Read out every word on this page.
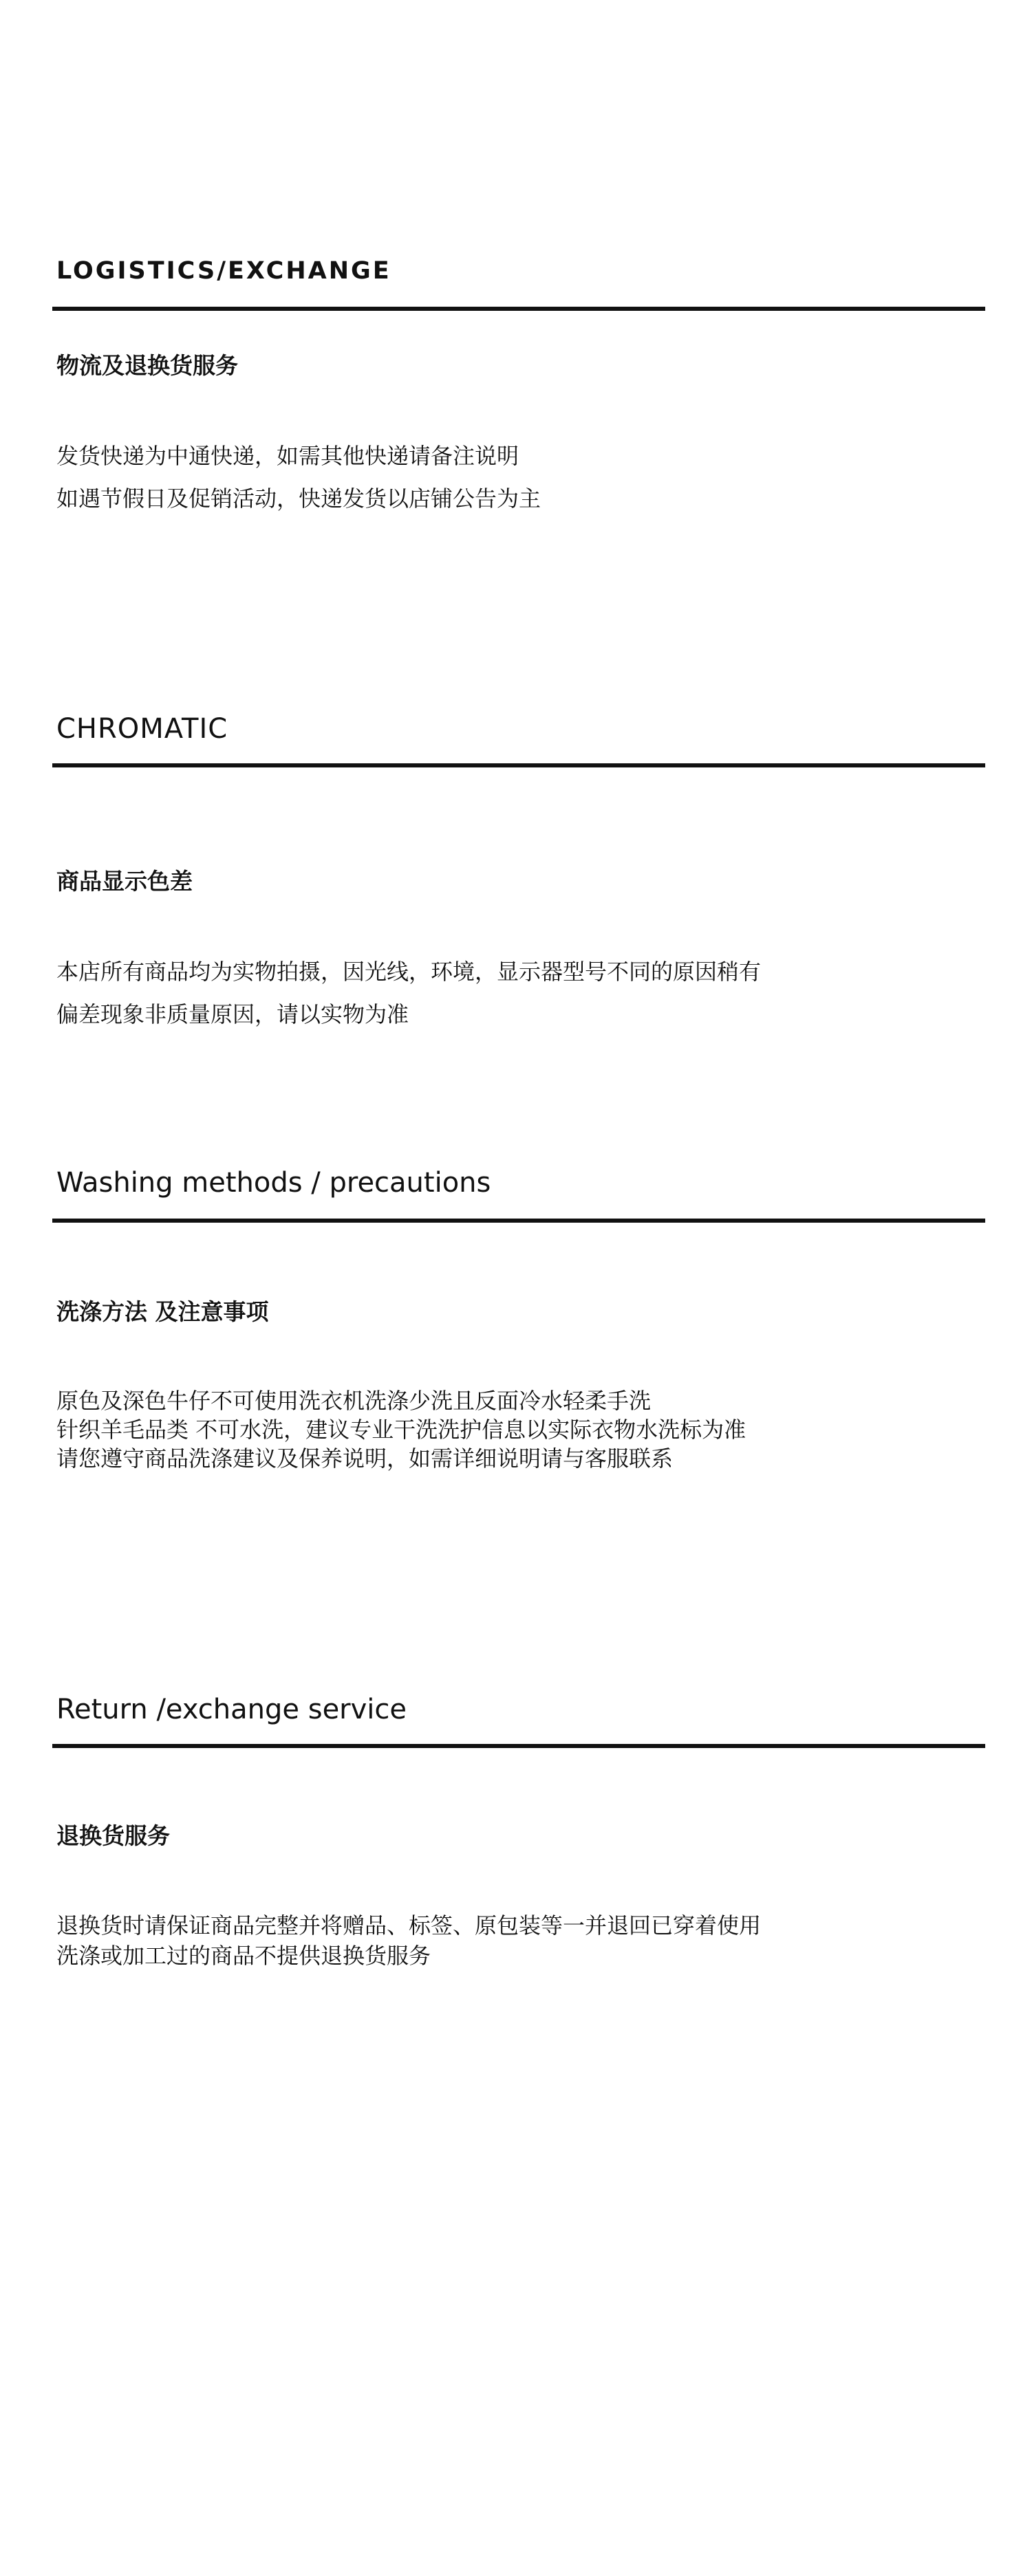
LOGISTICS/EXCHANGE
物流及退换货服务
发货快递为中通快递，如需其他快递请备注说明
如遇节假日及促销活动，快递发货以店铺公告为主
CHROMATIC
商品显示色差
本店所有商品均为实物拍摄，因光线，环境，显示器型号不同的原因稍有
偏差现象非质量原因，请以实物为准
Washing methods / precautions
洗涤方法 及注意事项
原色及深色牛仔不可使用洗衣机洗涤少洗且反面冷水轻柔手洗
针织羊毛品类 不可水洗，建议专业干洗洗护信息以实际衣物水洗标为准
请您遵守商品洗涤建议及保养说明，如需详细说明请与客服联系
Return /exchange service
退换货服务
退换货时请保证商品完整并将赠品、标签、原包装等一并退回已穿着使用
洗涤或加工过的商品不提供退换货服务
